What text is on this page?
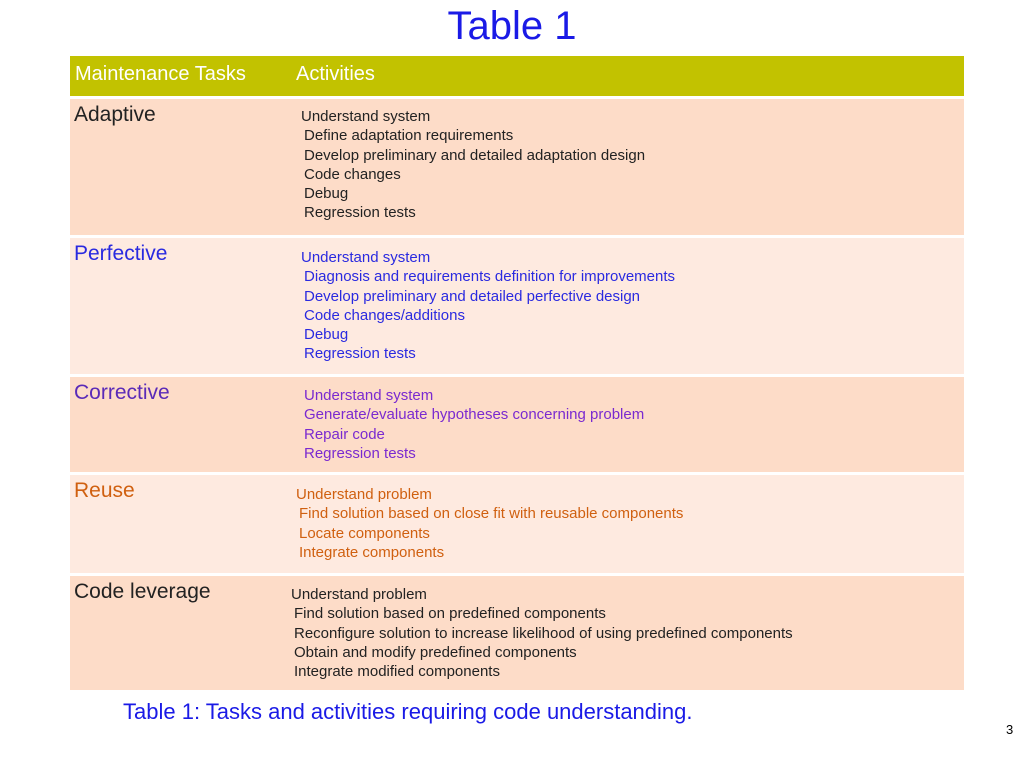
Table 1
Maintenance Tasks	Activities
Adaptive	Understand system
Define adaptation requirements
Develop preliminary and detailed adaptation design
Code changes
Debug
Regression tests
Perfective	Understand system
Diagnosis and requirements definition for improvements
Develop preliminary and detailed perfective design
Code changes/additions
Debug
Regression tests
Corrective	Understand system
Generate/evaluate hypotheses concerning problem
Repair code
Regression tests
Reuse	Understand problem
Find solution based on close fit with reusable components
Locate components
Integrate components
Code leverage	Understand problem
Find solution based on predefined components
Reconfigure solution to increase likelihood of using predefined components
Obtain and modify predefined components
Integrate modified components
Table 1: Tasks and activities requiring code understanding.
3
